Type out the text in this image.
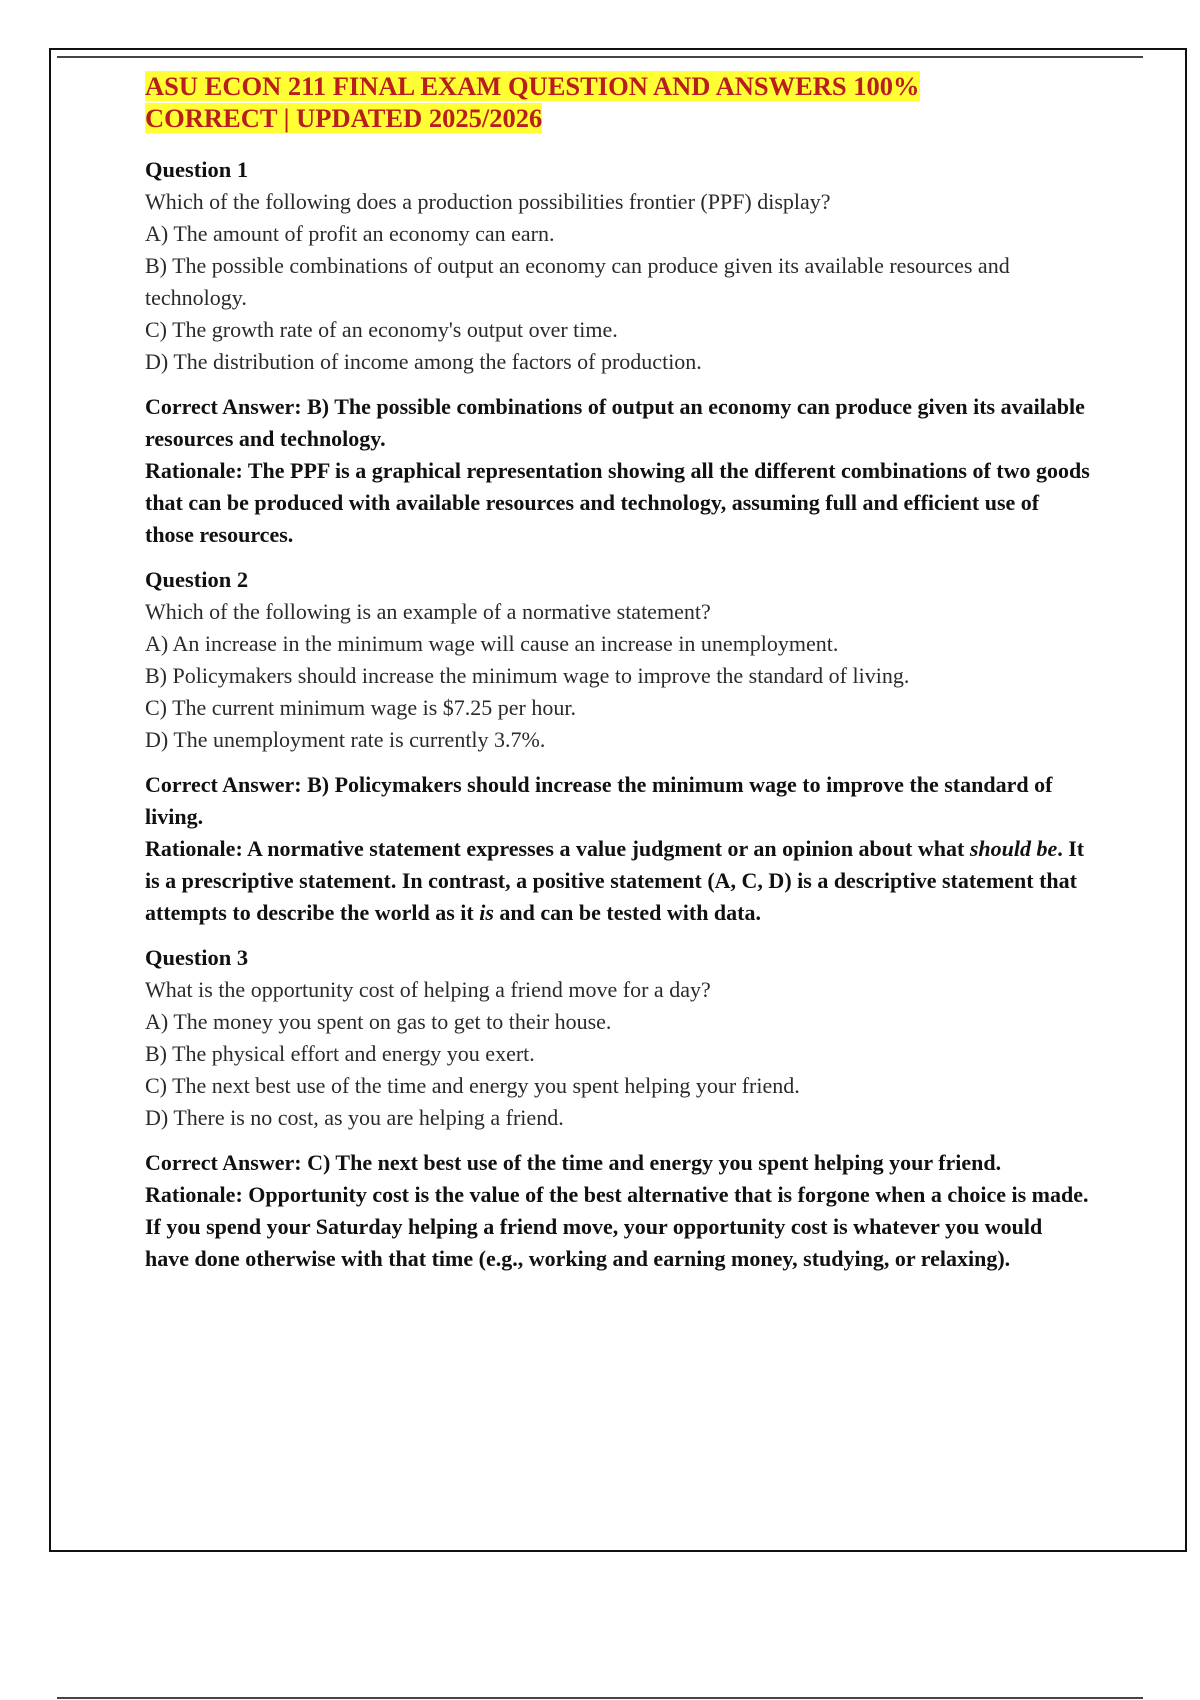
ASU ECON 211 FINAL EXAM QUESTION AND ANSWERS 100%
CORRECT | UPDATED 2025/2026

Question 1

Which of the following does a production possibilities frontier (PPF) display?

A) The amount of profit an economy can earn.

B) The possible combinations of output an economy can produce given its available resources and technology.

C) The growth rate of an economy's output over time.

D) The distribution of income among the factors of production.

Correct Answer: B) The possible combinations of output an economy can produce given its available resources and technology.

Rationale: The PPF is a graphical representation showing all the different combinations of two goods that can be produced with available resources and technology, assuming full and efficient use of those resources.

Question 2

Which of the following is an example of a normative statement?

A) An increase in the minimum wage will cause an increase in unemployment.

B) Policymakers should increase the minimum wage to improve the standard of living.

C) The current minimum wage is $7.25 per hour.

D) The unemployment rate is currently 3.7%.

Correct Answer: B) Policymakers should increase the minimum wage to improve the standard of living.

Rationale: A normative statement expresses a value judgment or an opinion about what should be. It is a prescriptive statement. In contrast, a positive statement (A, C, D) is a descriptive statement that attempts to describe the world as it is and can be tested with data.

Question 3

What is the opportunity cost of helping a friend move for a day?

A) The money you spent on gas to get to their house.

B) The physical effort and energy you exert.

C) The next best use of the time and energy you spent helping your friend.

D) There is no cost, as you are helping a friend.

Correct Answer: C) The next best use of the time and energy you spent helping your friend.

Rationale: Opportunity cost is the value of the best alternative that is forgone when a choice is made. If you spend your Saturday helping a friend move, your opportunity cost is whatever you would have done otherwise with that time (e.g., working and earning money, studying, or relaxing).
